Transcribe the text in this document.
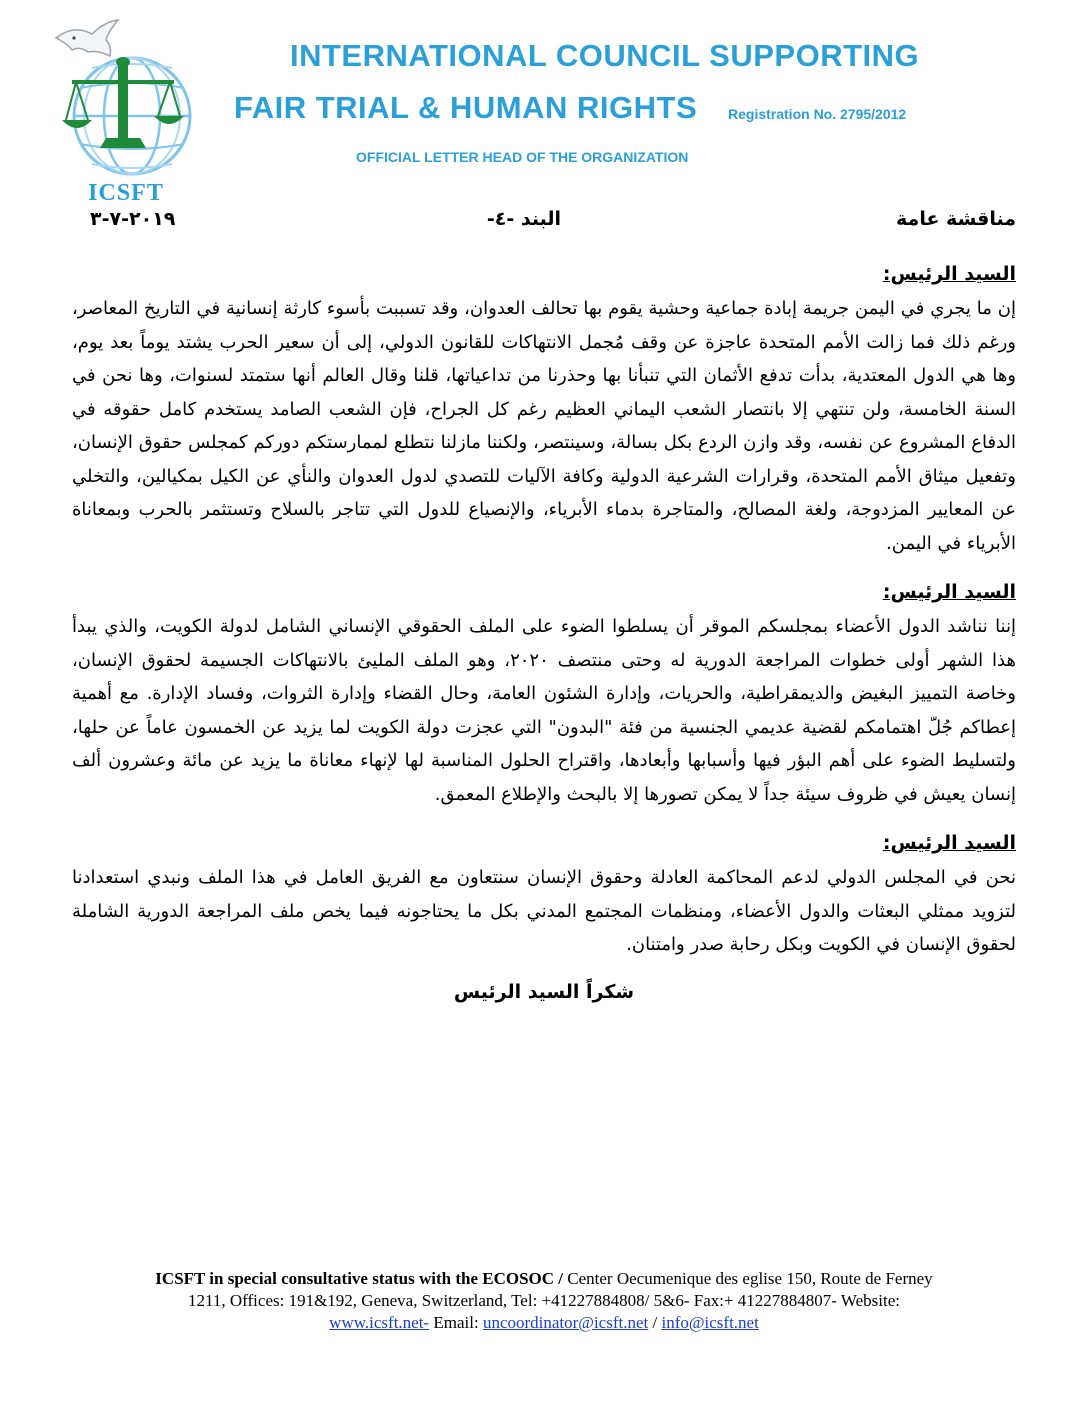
ICSFT
INTERNATIONAL COUNCIL SUPPORTING
FAIR TRIAL & HUMAN RIGHTS Registration No. 2795/2012
OFFICIAL LETTER HEAD OF THE ORGANIZATION
مناقشة عامة
البند -٤-
٢٠١٩-٧-٣
السيد الرئيس:

إن ما يجري في اليمن جريمة إبادة جماعية وحشية يقوم بها تحالف العدوان، وقد تسببت بأسوء كارثة إنسانية في التاريخ المعاصر، ورغم ذلك فما زالت الأمم المتحدة عاجزة عن وقف مُجمل الانتهاكات للقانون الدولي، إلى أن سعير الحرب يشتد يوماً بعد يوم، وها هي الدول المعتدية، بدأت تدفع الأثمان التي تنبأنا بها وحذرنا من تداعياتها، قلنا وقال العالم أنها ستمتد لسنوات، وها نحن في السنة الخامسة، ولن تنتهي إلا بانتصار الشعب اليماني العظيم رغم كل الجراح، فإن الشعب الصامد يستخدم كامل حقوقه في الدفاع المشروع عن نفسه، وقد وازن الردع بكل بسالة، وسينتصر، ولكننا مازلنا نتطلع لممارستكم دوركم كمجلس حقوق الإنسان، وتفعيل ميثاق الأمم المتحدة، وقرارات الشرعية الدولية وكافة الآليات للتصدي لدول العدوان والنأي عن الكيل بمكيالين، والتخلي عن المعايير المزدوجة، ولغة المصالح، والمتاجرة بدماء الأبرياء، والإنصياع للدول التي تتاجر بالسلاح وتستثمر بالحرب وبمعاناة الأبرياء في اليمن.

السيد الرئيس:

إننا نناشد الدول الأعضاء بمجلسكم الموقر أن يسلطوا الضوء على الملف الحقوقي الإنساني الشامل لدولة الكويت، والذي يبدأ هذا الشهر أولى خطوات المراجعة الدورية له وحتى منتصف ٢٠٢٠، وهو الملف المليئ بالانتهاكات الجسيمة لحقوق الإنسان، وخاصة التمييز البغيض والديمقراطية، والحريات، وإدارة الشئون العامة، وحال القضاء وإدارة الثروات، وفساد الإدارة. مع أهمية إعطاكم جُلّ اهتمامكم لقضية عديمي الجنسية من فئة "البدون" التي عجزت دولة الكويت لما يزيد عن الخمسون عاماً عن حلها، ولتسليط الضوء على أهم البؤر فيها وأسبابها وأبعادها، واقتراح الحلول المناسبة لها لإنهاء معاناة ما يزيد عن مائة وعشرون ألف إنسان يعيش في ظروف سيئة جداً لا يمكن تصورها إلا بالبحث والإطلاع المعمق.

السيد الرئيس:

نحن في المجلس الدولي لدعم المحاكمة العادلة وحقوق الإنسان سنتعاون مع الفريق العامل في هذا الملف ونبدي استعدادنا لتزويد ممثلي البعثات والدول الأعضاء، ومنظمات المجتمع المدني بكل ما يحتاجونه فيما يخص ملف المراجعة الدورية الشاملة لحقوق الإنسان في الكويت وبكل رحابة صدر وامتنان.

شكراً السيد الرئيس
ICSFT in special consultative status with the ECOSOC / Center Oecumenique des eglise 150, Route de Ferney
1211, Offices: 191&192, Geneva, Switzerland, Tel: +41227884808/ 5&6- Fax:+ 41227884807- Website:
www.icsft.net- Email: uncoordinator@icsft.net / info@icsft.net
